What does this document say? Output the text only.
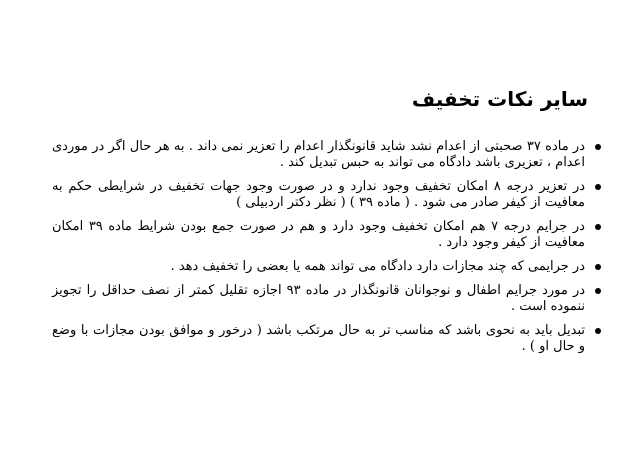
سایر نکات تخفیف
در ماده ۳۷ صحبتی از اعدام نشد شاید قانونگذار اعدام را تعزیر نمی داند . به هر حال اگر در موردی اعدام ، تعزیری باشد دادگاه می تواند به حبس تبدیل کند .
در تعزیر درجه ۸ امکان تخفیف وجود ندارد و در صورت وجود جهات تخفیف در شرایطی حکم به معافیت از کیفر صادر می شود . ( ماده ۳۹ ) ( نظر دکتر اردبیلی )
در جرایم درجه ۷ هم امکان تخفیف وجود دارد و هم در صورت جمع بودن شرایط ماده ۳۹ امکان معافیت از کیفر وجود دارد .
در جرایمی که چند مجازات دارد دادگاه می تواند همه یا بعضی را تخفیف دهد .
در مورد جرایم اطفال و نوجوانان قانونگذار در ماده ۹۳ اجازه تقلیل کمتر از نصف حداقل را تجویز ننموده است .
تبدیل باید به نحوی باشد که مناسب تر به حال مرتکب باشد ( درخور و موافق بودن مجازات با وضع و حال او ) .
